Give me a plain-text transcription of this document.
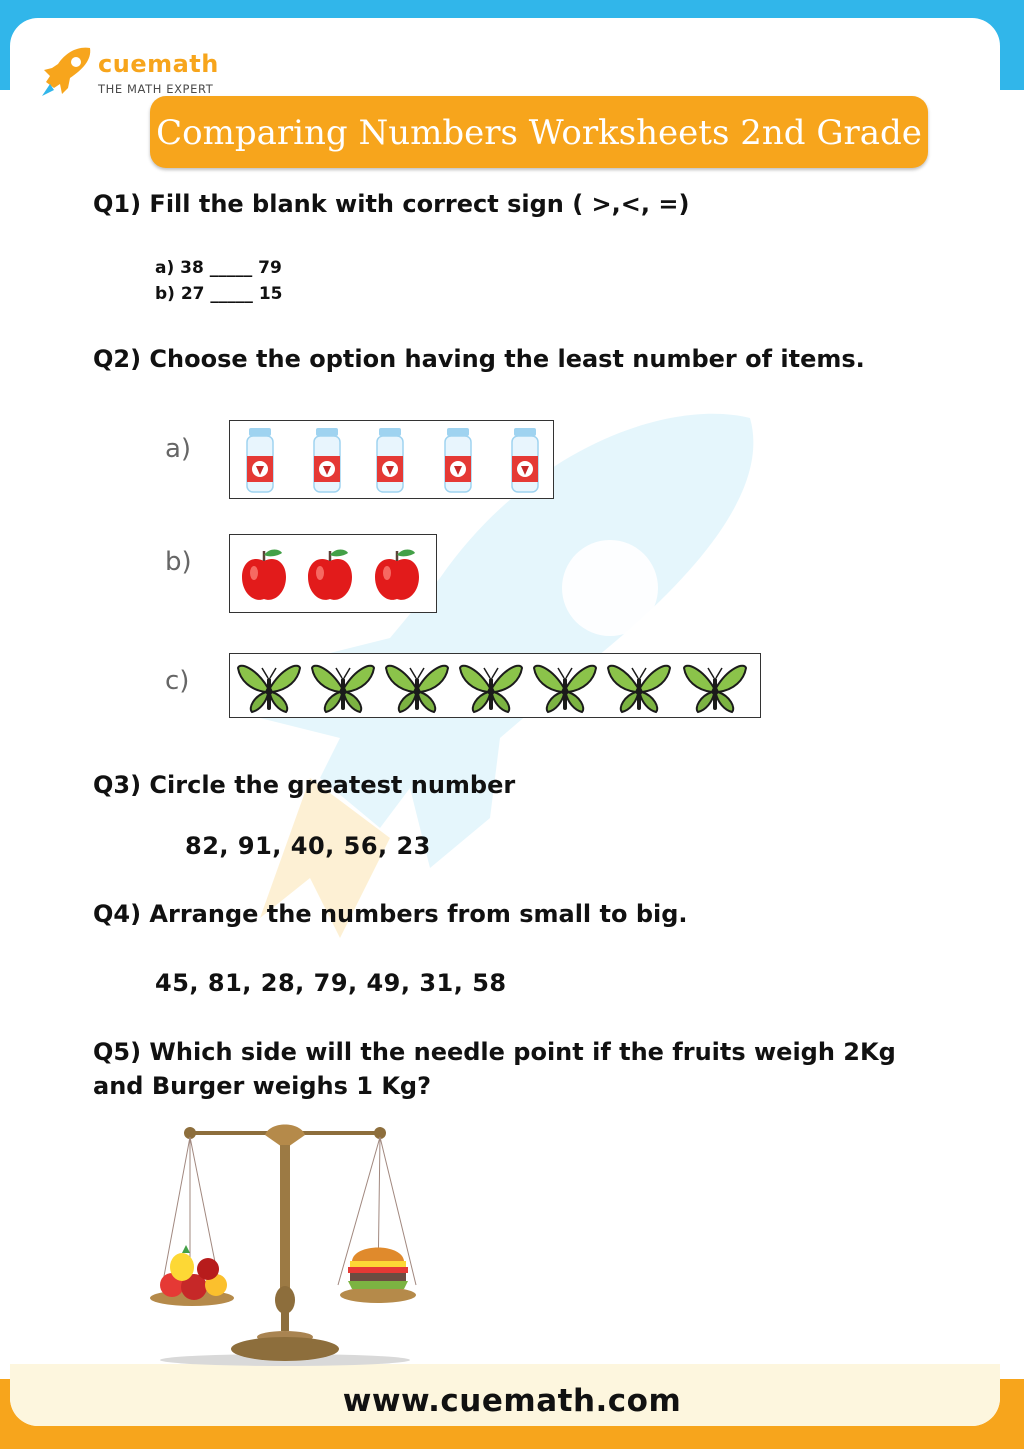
cuemath
THE MATH EXPERT
Comparing Numbers Worksheets 2nd Grade
Q1) Fill the blank with correct sign ( >,<, =)
a) 38 _____ 79
b) 27 _____ 15
Q2) Choose the option having the least number of items.
a)
b)
c)
Q3) Circle the greatest number
82, 91, 40, 56, 23
Q4) Arrange the numbers from small to big.
45, 81, 28, 79, 49, 31, 58
Q5) Which side will the needle point if the fruits weigh 2Kg
and Burger weighs 1 Kg?
www.cuemath.com
